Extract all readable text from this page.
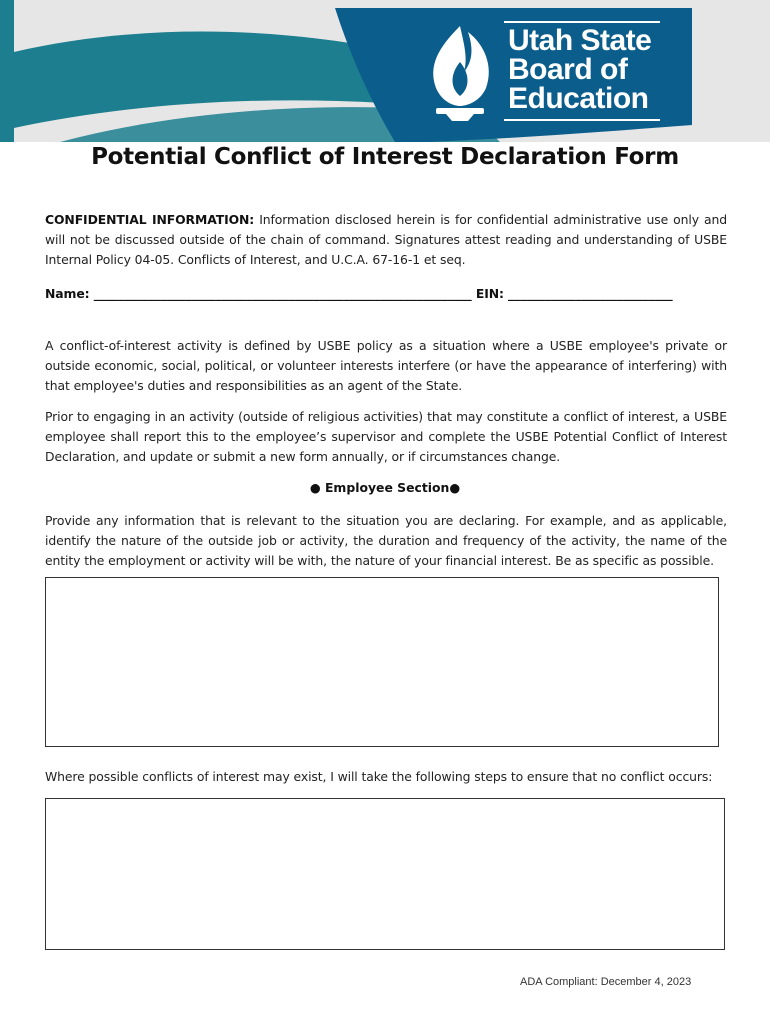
Utah State
Board of
Education
Potential Conflict of Interest Declaration Form
CONFIDENTIAL INFORMATION: Information disclosed herein is for confidential administrative use only and will not be discussed outside of the chain of command. Signatures attest reading and understanding of USBE Internal Policy 04-05. Conflicts of Interest, and U.C.A. 67-16-1 et seq.
Name: ______________________________________________________________ EIN: ___________________________
A conflict-of-interest activity is defined by USBE policy as a situation where a USBE employee's private or outside economic, social, political, or volunteer interests interfere (or have the appearance of interfering) with that employee's duties and responsibilities as an agent of the State.
Prior to engaging in an activity (outside of religious activities) that may constitute a conflict of interest, a USBE employee shall report this to the employee’s supervisor and complete the USBE Potential Conflict of Interest Declaration, and update or submit a new form annually, or if circumstances change.
● Employee Section●
Provide any information that is relevant to the situation you are declaring. For example, and as applicable, identify the nature of the outside job or activity, the duration and frequency of the activity, the name of the entity the employment or activity will be with, the nature of your financial interest. Be as specific as possible.
Where possible conflicts of interest may exist, I will take the following steps to ensure that no conflict occurs:
ADA Compliant: December 4, 2023
